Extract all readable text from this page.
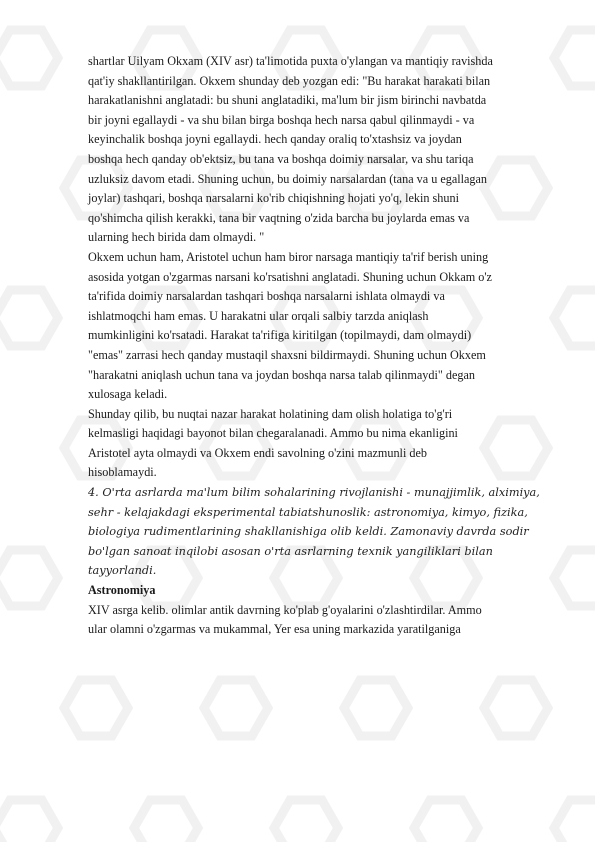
shartlar Uilyam Okxam (XIV asr) ta'limotida puxta o'ylangan va mantiqiy ravishda
qat'iy shakllantirilgan. Okxem shunday deb yozgan edi: "Bu harakat harakati bilan
harakatlanishni anglatadi: bu shuni anglatadiki, ma'lum bir jism birinchi navbatda
bir joyni egallaydi - va shu bilan birga boshqa hech narsa qabul qilinmaydi - va
keyinchalik boshqa joyni egallaydi. hech qanday oraliq to'xtashsiz va joydan
boshqa hech qanday ob'ektsiz, bu tana va boshqa doimiy narsalar, va shu tariqa
uzluksiz davom etadi. Shuning uchun, bu doimiy narsalardan (tana va u egallagan
joylar) tashqari, boshqa narsalarni ko'rib chiqishning hojati yo'q, lekin shuni
qo'shimcha qilish kerakki, tana bir vaqtning o'zida barcha bu joylarda emas va
ularning hech birida dam olmaydi. "
Okxem uchun ham, Aristotel uchun ham biror narsaga mantiqiy ta'rif berish uning
asosida yotgan o'zgarmas narsani ko'rsatishni anglatadi. Shuning uchun Okkam o'z
ta'rifida doimiy narsalardan tashqari boshqa narsalarni ishlata olmaydi va
ishlatmoqchi ham emas. U harakatni ular orqali salbiy tarzda aniqlash
mumkinligini ko'rsatadi. Harakat ta'rifiga kiritilgan (topilmaydi, dam olmaydi)
"emas" zarrasi hech qanday mustaqil shaxsni bildirmaydi. Shuning uchun Okxem
"harakatni aniqlash uchun tana va joydan boshqa narsa talab qilinmaydi" degan
xulosaga keladi.
Shunday qilib, bu nuqtai nazar harakat holatining dam olish holatiga to'g'ri
kelmasligi haqidagi bayonot bilan chegaralanadi. Ammo bu nima ekanligini
Aristotel ayta olmaydi va Okxem endi savolning o'zini mazmunli deb
hisoblamaydi.
4. O'rta asrlarda ma'lum bilim sohalarining rivojlanishi - munajjimlik, alximiya,
sehr - kelajakdagi eksperimental tabiatshunoslik: astronomiya, kimyo, fizika,
biologiya rudimentlarining shakllanishiga olib keldi. Zamonaviy davrda sodir
bo'lgan sanoat inqilobi asosan o'rta asrlarning texnik yangiliklari bilan
tayyorlandi.
Astronomiya
XIV asrga kelib. olimlar antik davrning ko'plab g'oyalarini o'zlashtirdilar. Ammo
ular olamni o'zgarmas va mukammal, Yer esa uning markazida yaratilganiga
